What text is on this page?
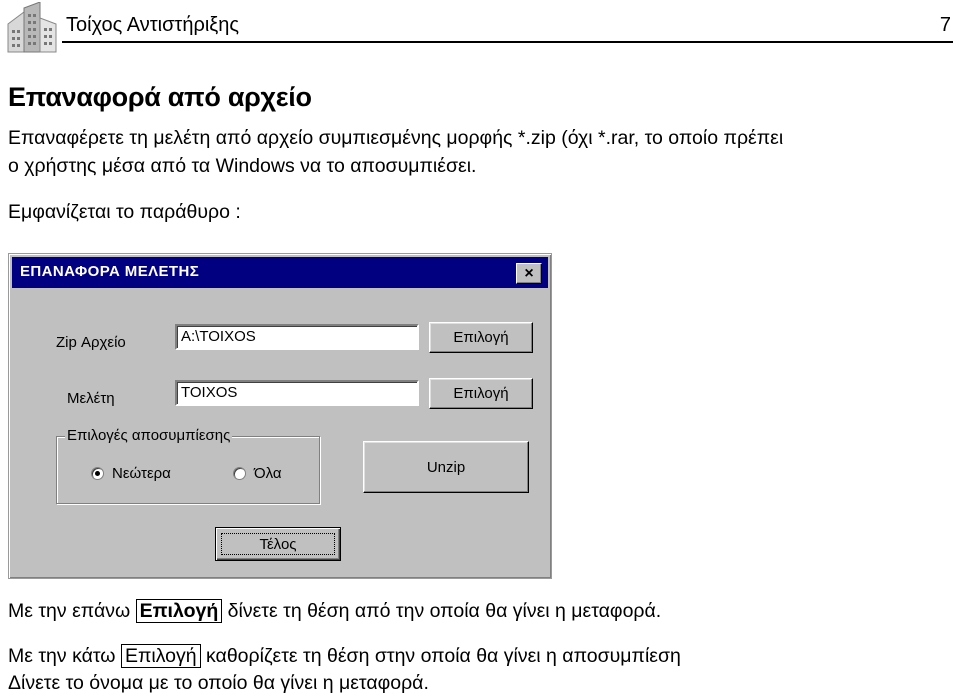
Τοίχος Αντιστήριξης	7
Επαναφορά από αρχείο
Επαναφέρετε τη μελέτη από αρχείο συμπιεσμένης μορφής *.zip (όχι *.rar, το οποίο πρέπει
ο χρήστης μέσα από τα Windows να το αποσυμπιέσει.
Εμφανίζεται το παράθυρο :
ΕΠΑΝΑΦΟΡΑ ΜΕΛΕΤΗΣ	×
Zip Αρχείο	A:\TOIXOS	Επιλογή
Μελέτη	TOIXOS	Επιλογή
Επιλογές αποσυμπίεσης
Νεώτερα	Όλα	Unzip
Τέλος
Με την επάνω Επιλογή δίνετε τη θέση από την οποία θα γίνει η μεταφορά.
Με την κάτω Επιλογή καθορίζετε τη θέση στην οποία θα γίνει η αποσυμπίεση
Δίνετε το όνομα με το οποίο θα γίνει η μεταφορά.
